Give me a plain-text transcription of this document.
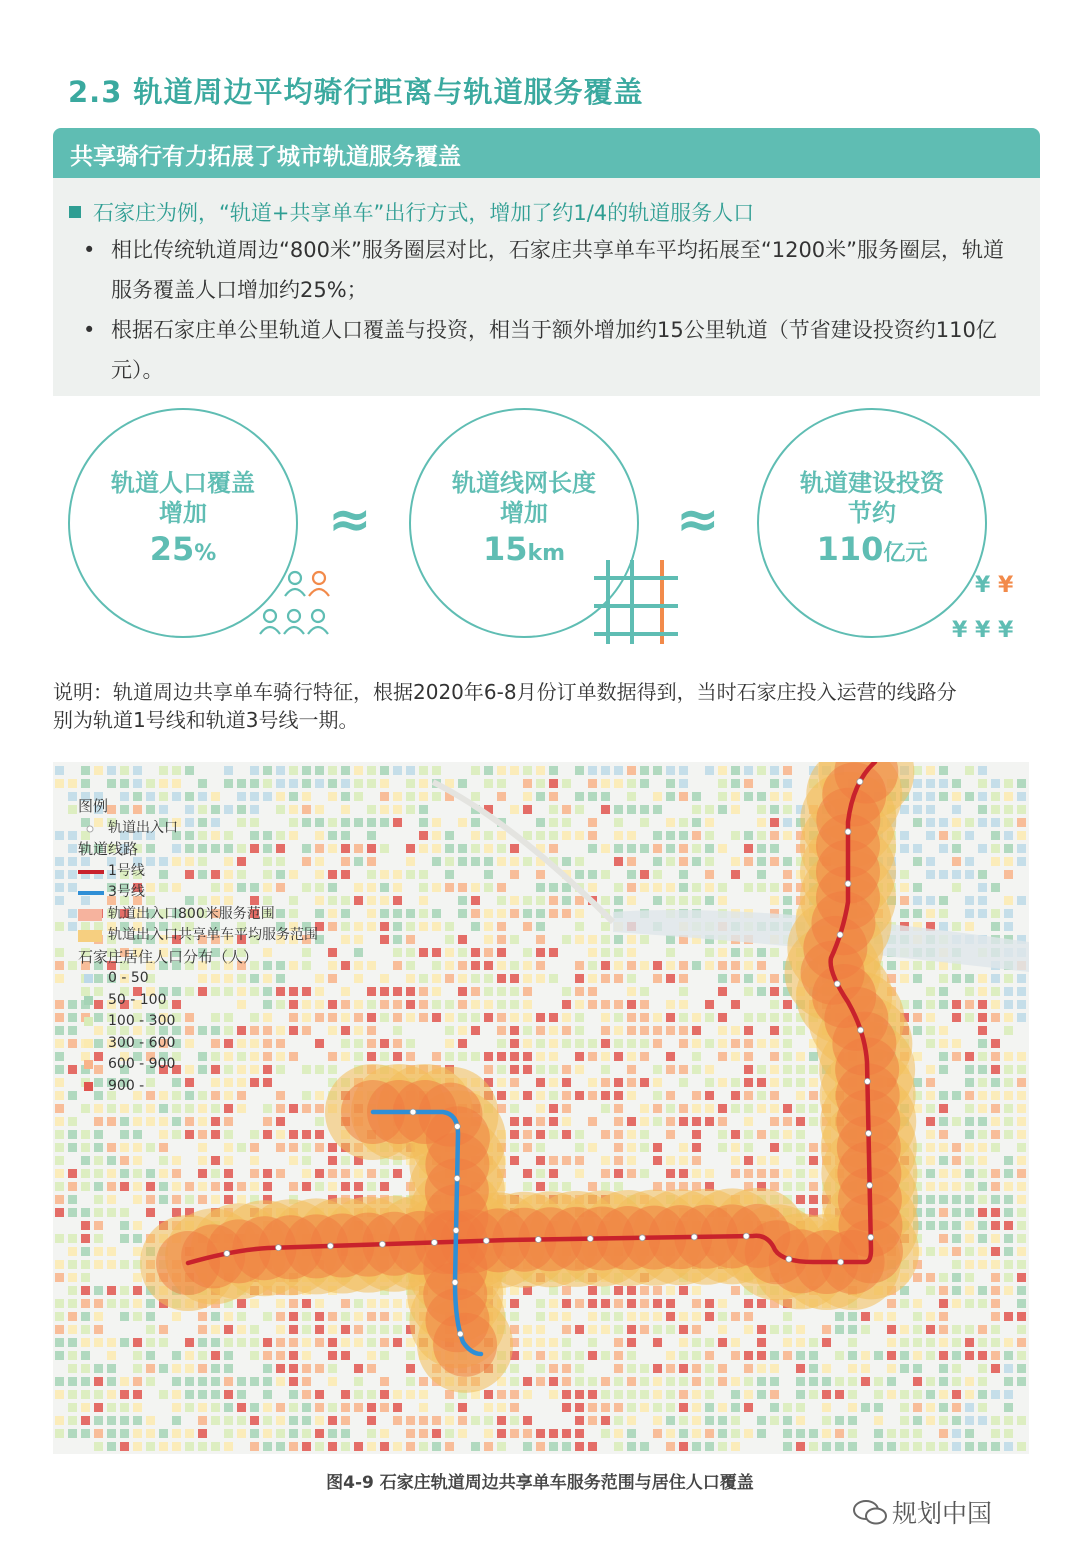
2.3 轨道周边平均骑行距离与轨道服务覆盖
共享骑行有力拓展了城市轨道服务覆盖
石家庄为例，“轨道+共享单车”出行方式，增加了约1/4的轨道服务人口
• 相比传统轨道周边“800米”服务圈层对比，石家庄共享单车平均拓展至“1200米”服务圈层，轨道
服务覆盖人口增加约25%；
• 根据石家庄单公里轨道人口覆盖与投资，相当于额外增加约15公里轨道（节省建设投资约110亿
元）。
轨道人口覆盖
增加
25%
轨道线网长度
增加
15km
轨道建设投资
节约
110亿元
≈	≈
¥ ¥
¥ ¥ ¥
说明：轨道周边共享单车骑行特征，根据2020年6-8月份订单数据得到，当时石家庄投入运营的线路分
别为轨道1号线和轨道3号线一期。
图例
轨道出入口
轨道线路
1号线
3号线
轨道出入口800米服务范围
轨道出入口共享单车平均服务范围
石家庄居住人口分布（人）
0 - 50
50 - 100
100 - 300
300 - 600
600 - 900
900 -
图4-9 石家庄轨道周边共享单车服务范围与居住人口覆盖
规划中国
